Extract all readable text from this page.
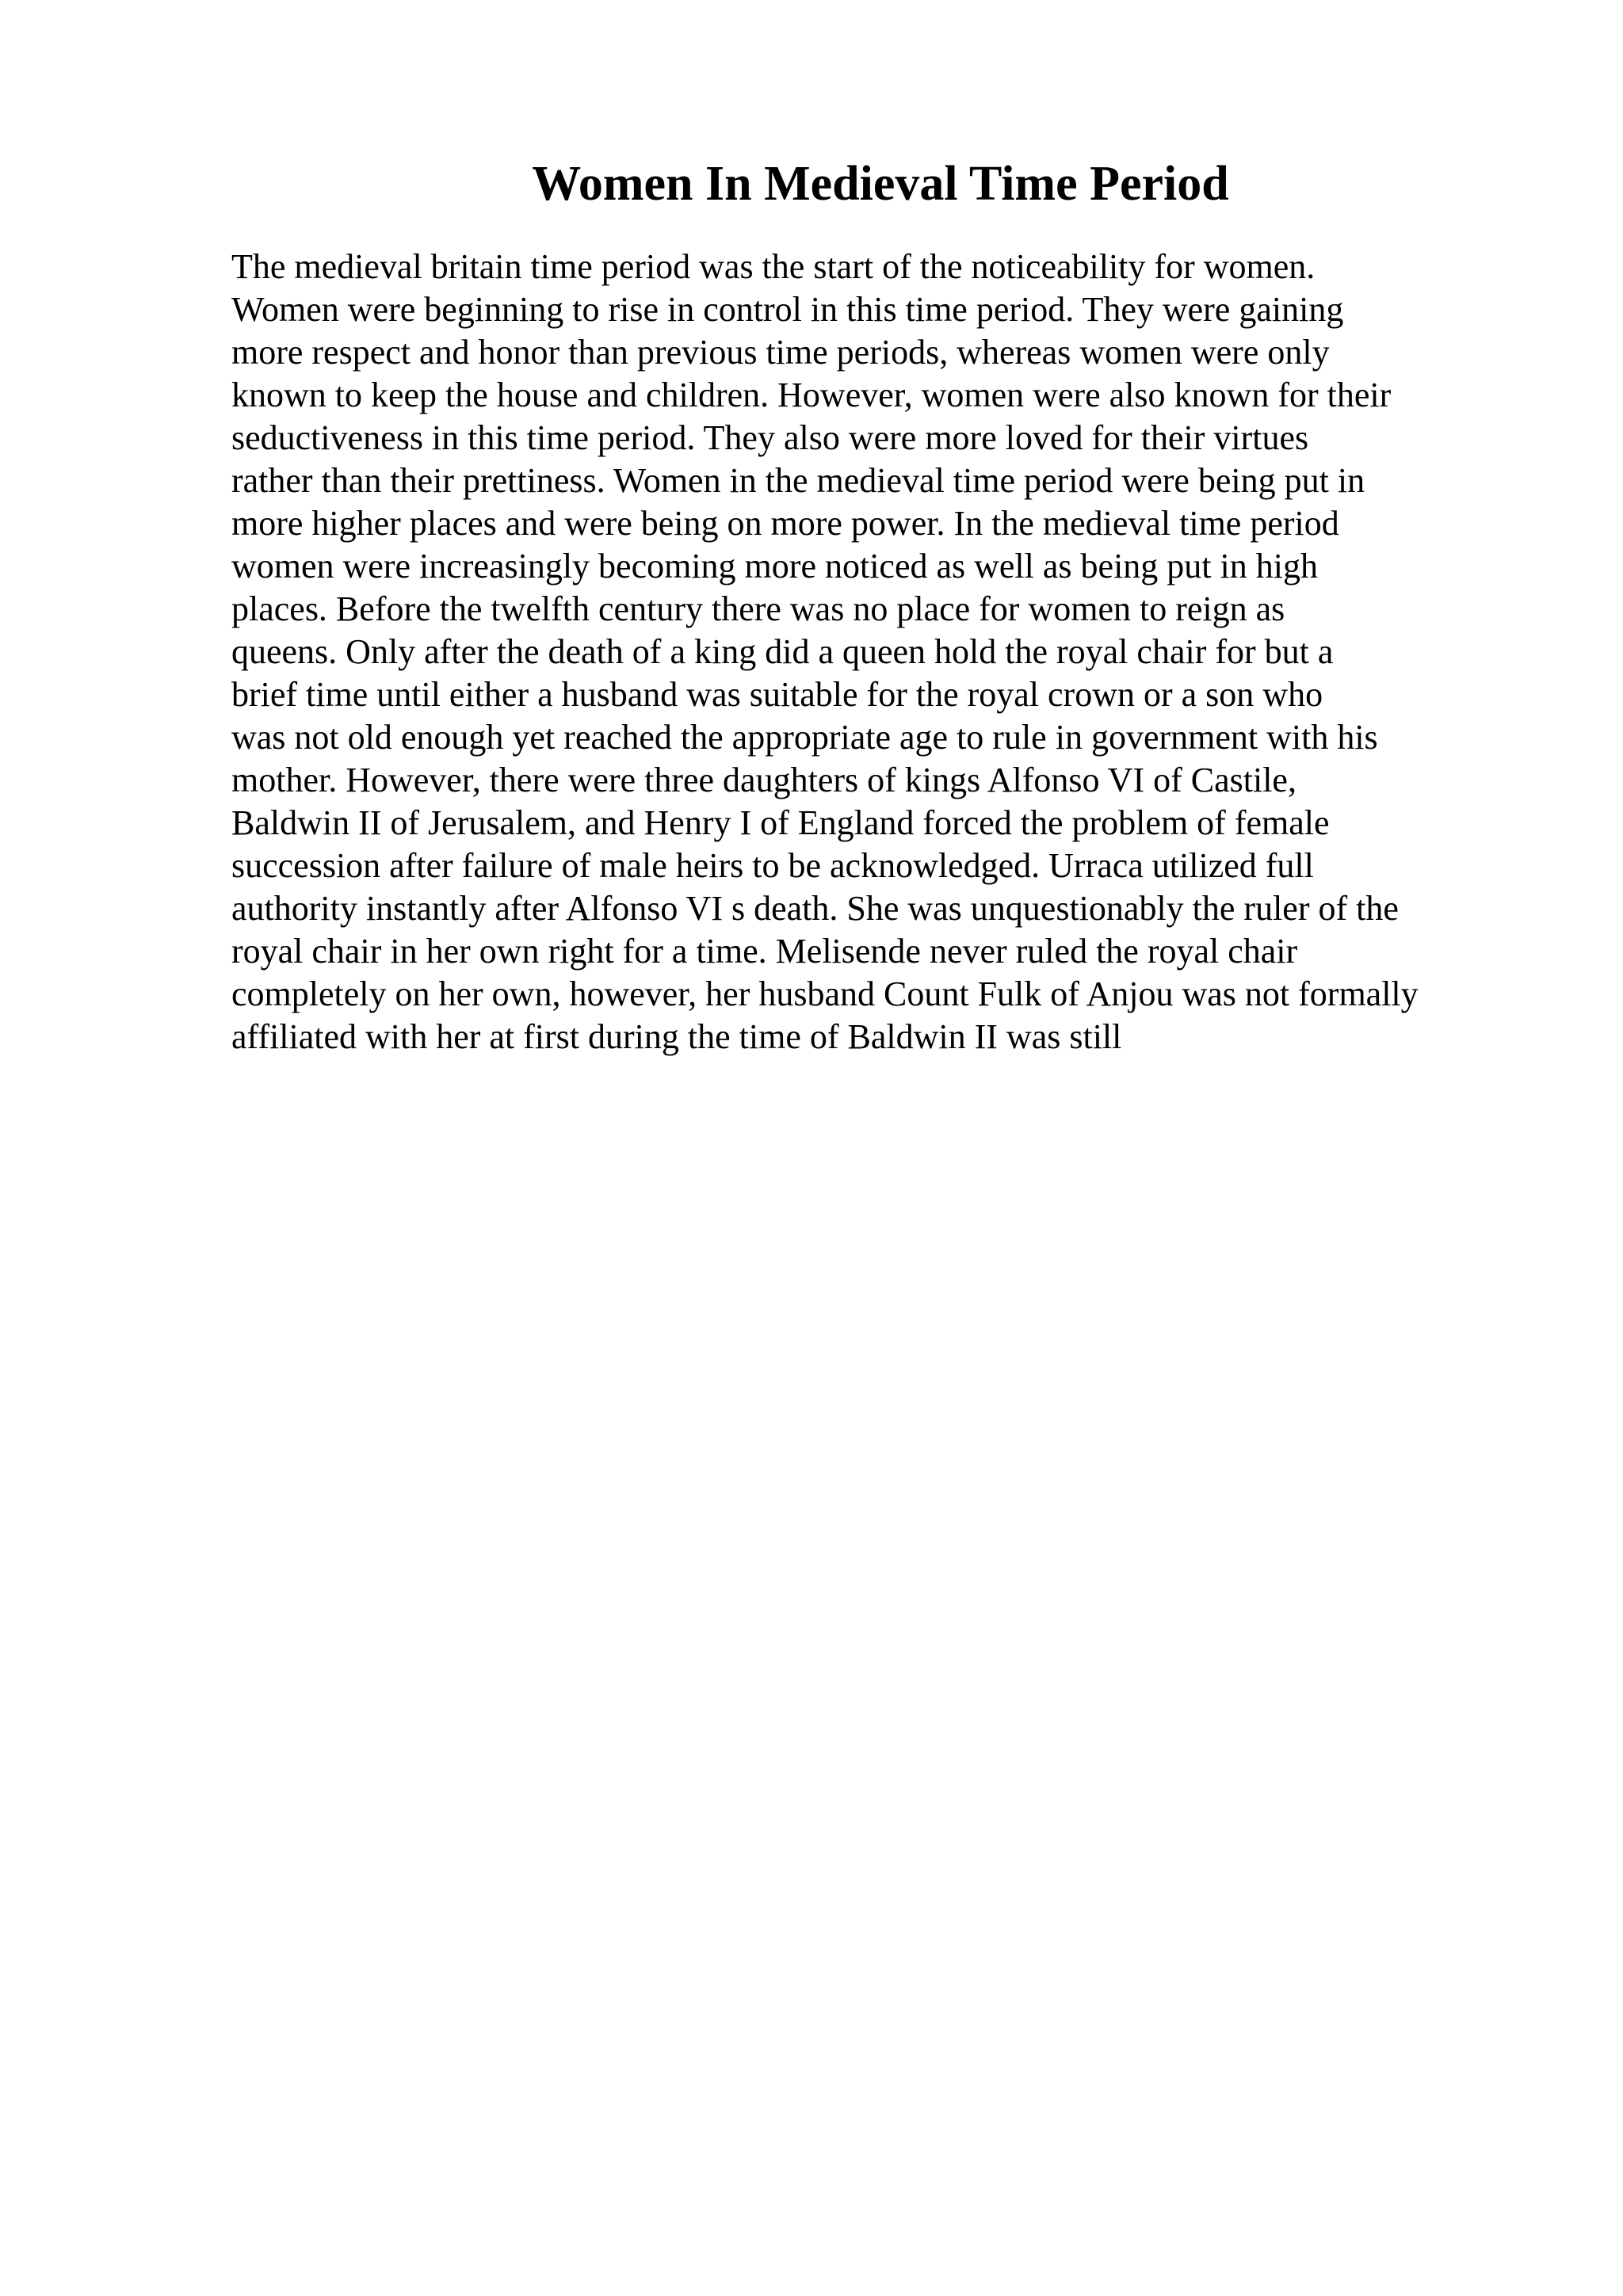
Women In Medieval Time Period
The medieval britain time period was the start of the noticeability for women.
Women were beginning to rise in control in this time period. They were gaining
more respect and honor than previous time periods, whereas women were only
known to keep the house and children. However, women were also known for their
seductiveness in this time period. They also were more loved for their virtues
rather than their prettiness. Women in the medieval time period were being put in
more higher places and were being on more power. In the medieval time period
women were increasingly becoming more noticed as well as being put in high
places. Before the twelfth century there was no place for women to reign as
queens. Only after the death of a king did a queen hold the royal chair for but a
brief time until either a husband was suitable for the royal crown or a son who
was not old enough yet reached the appropriate age to rule in government with his
mother. However, there were three daughters of kings Alfonso VI of Castile,
Baldwin II of Jerusalem, and Henry I of England forced the problem of female
succession after failure of male heirs to be acknowledged. Urraca utilized full
authority instantly after Alfonso VI s death. She was unquestionably the ruler of the
royal chair in her own right for a time. Melisende never ruled the royal chair
completely on her own, however, her husband Count Fulk of Anjou was not formally
affiliated with her at first during the time of Baldwin II was still
